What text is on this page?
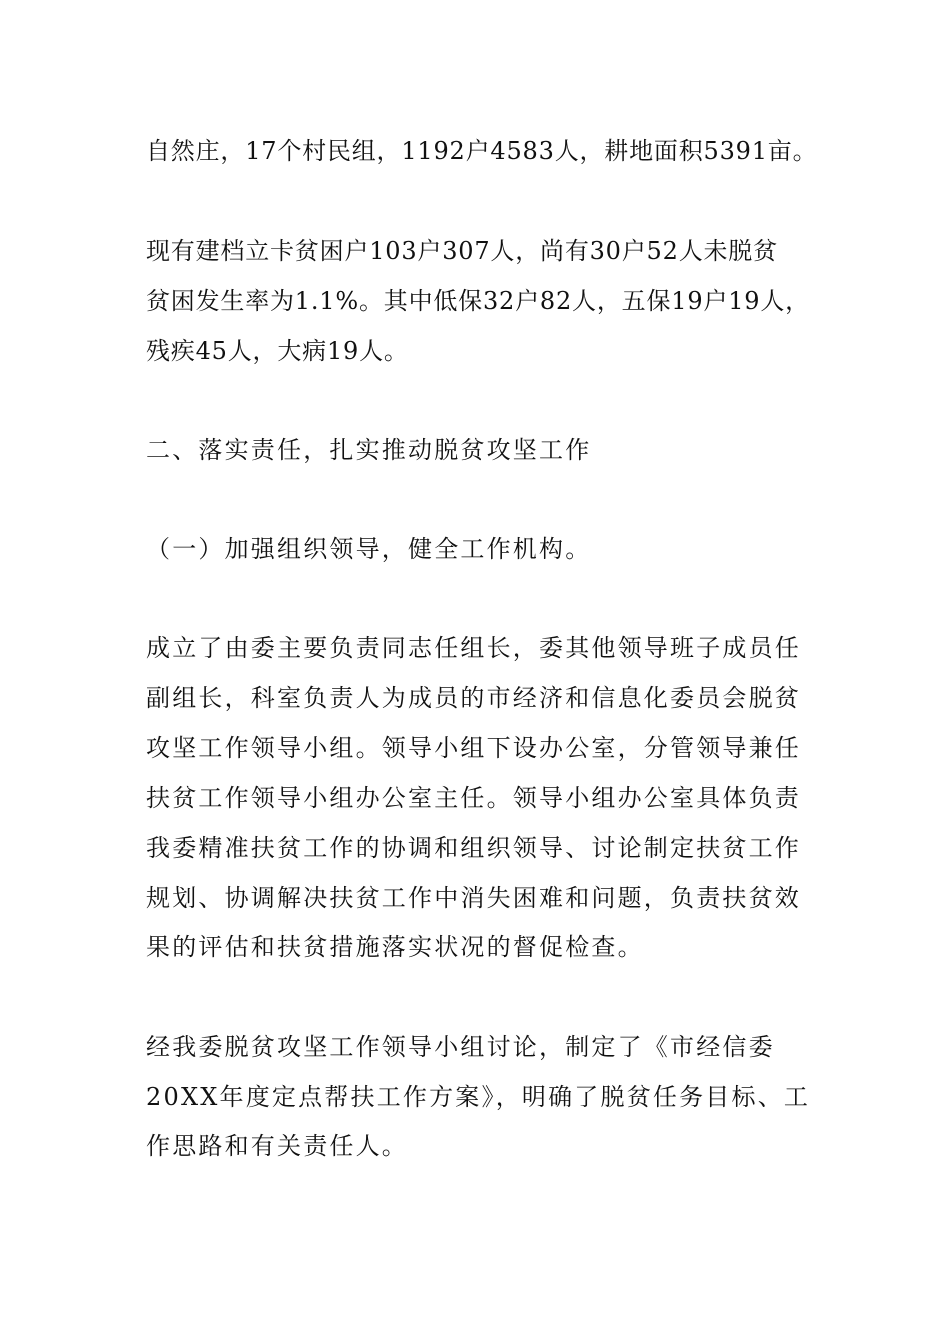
自然庄，17个村民组，1192户4583人，耕地面积5391亩。
现有建档立卡贫困户103户307人，尚有30户52人未脱贫
贫困发生率为1.1%。其中低保32户82人，五保19户19人，
残疾45人，大病19人。
二、落实责任，扎实推动脱贫攻坚工作
（一）加强组织领导，健全工作机构。
成立了由委主要负责同志任组长，委其他领导班子成员任
副组长，科室负责人为成员的市经济和信息化委员会脱贫
攻坚工作领导小组。领导小组下设办公室，分管领导兼任
扶贫工作领导小组办公室主任。领导小组办公室具体负责
我委精准扶贫工作的协调和组织领导、讨论制定扶贫工作
规划、协调解决扶贫工作中消失困难和问题，负责扶贫效
果的评估和扶贫措施落实状况的督促检查。
经我委脱贫攻坚工作领导小组讨论，制定了《市经信委
20XX年度定点帮扶工作方案》，明确了脱贫任务目标、工
作思路和有关责任人。
